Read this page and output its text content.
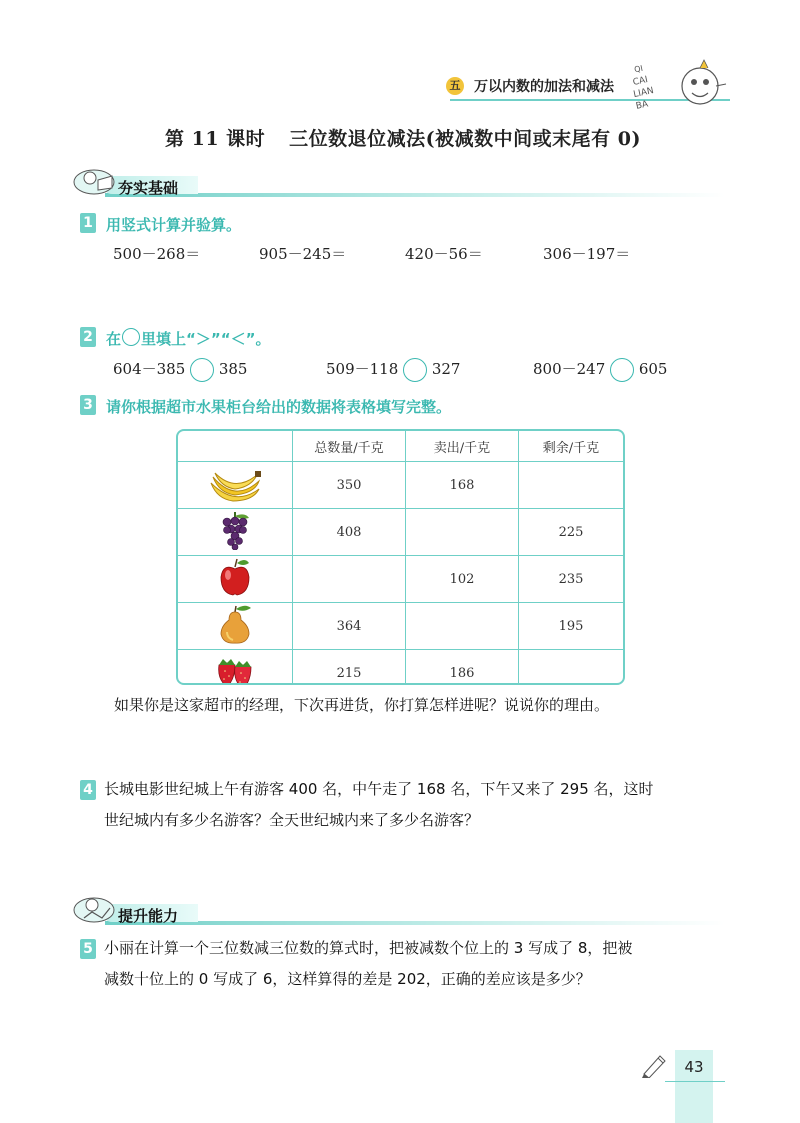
五 万以内数的加法和减法
QICAILIANBA
第 11 课时 三位数退位减法(被减数中间或末尾有 0)
夯实基础
1 用竖式计算并验算。
500－268＝	905－245＝	420－56＝	306－197＝
2 在 里填上“＞”“＜”。
604－385 385	509－118 327	800－247 605
3 请你根据超市水果柜台给出的数据将表格填写完整。
	总数量/千克	卖出/千克	剩余/千克
	350	168	
	408		225
		102	235
	364		195
	215	186	
如果你是这家超市的经理，下次再进货，你打算怎样进呢？说说你的理由。
4 长城电影世纪城上午有游客 400 名，中午走了 168 名，下午又来了 295 名，这时
世纪城内有多少名游客？全天世纪城内来了多少名游客？
提升能力
5 小丽在计算一个三位数减三位数的算式时，把被减数个位上的 3 写成了 8，把被
减数十位上的 0 写成了 6，这样算得的差是 202，正确的差应该是多少？
43
